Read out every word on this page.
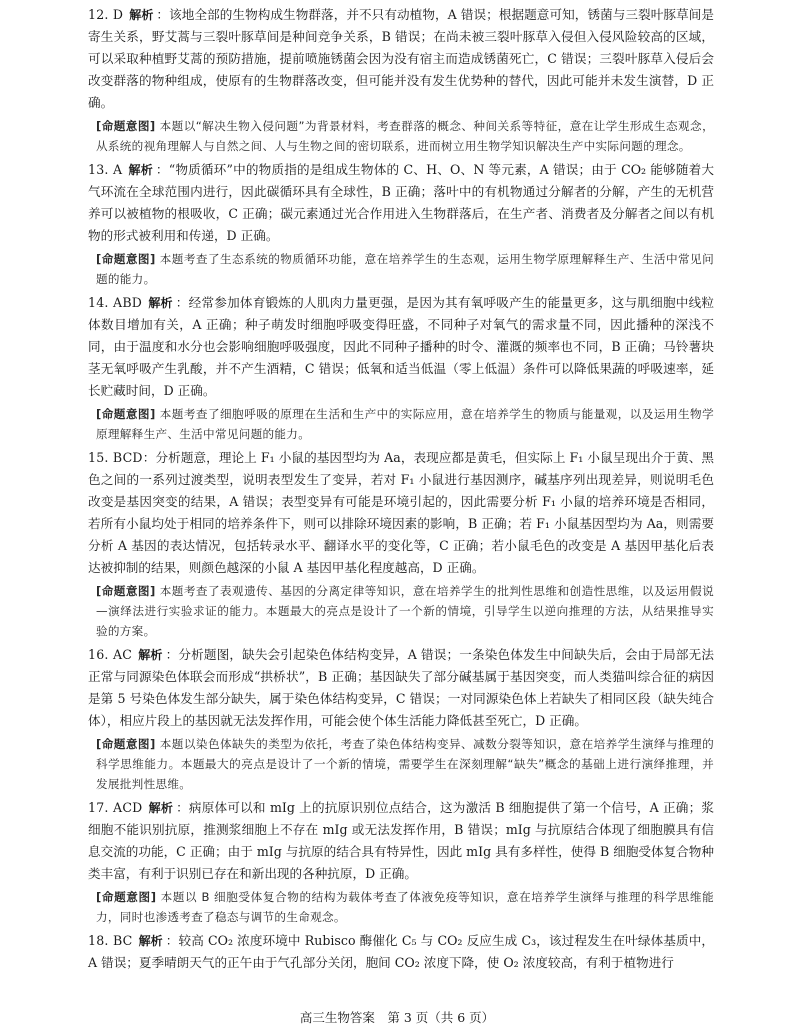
12. D 解析 ：该地全部的生物构成生物群落，并不只有动植物，A 错误；根据题意可知，锈菌与三裂叶豚草间是寄生关系，野艾蒿与三裂叶豚草间是种间竞争关系，B 错误；在尚未被三裂叶豚草入侵但入侵风险较高的区域，可以采取种植野艾蒿的预防措施，提前喷施锈菌会因为没有宿主而造成锈菌死亡，C 错误；三裂叶豚草入侵后会改变群落的物种组成，使原有的生物群落改变，但可能并没有发生优势种的替代，因此可能并未发生演替，D 正确。

[命题意图] 本题以“解决生物入侵问题”为背景材料，考查群落的概念、种间关系等特征，意在让学生形成生态观念，从系统的视角理解人与自然之间、人与生物之间的密切联系，进而树立用生物学知识解决生产中实际问题的理念。

13. A 解析 ：“物质循环”中的物质指的是组成生物体的 C、H、O、N 等元素，A 错误；由于 CO₂ 能够随着大气环流在全球范围内进行，因此碳循环具有全球性，B 正确；落叶中的有机物通过分解者的分解，产生的无机营养可以被植物的根吸收，C 正确；碳元素通过光合作用进入生物群落后，在生产者、消费者及分解者之间以有机物的形式被利用和传递，D 正确。

[命题意图] 本题考查了生态系统的物质循环功能，意在培养学生的生态观，运用生物学原理解释生产、生活中常见问题的能力。

14. ABD 解析 ：经常参加体育锻炼的人肌肉力量更强，是因为其有氧呼吸产生的能量更多，这与肌细胞中线粒体数目增加有关，A 正确；种子萌发时细胞呼吸变得旺盛，不同种子对氧气的需求量不同，因此播种的深浅不同，由于温度和水分也会影响细胞呼吸强度，因此不同种子播种的时令、灌溉的频率也不同，B 正确；马铃薯块茎无氧呼吸产生乳酸，并不产生酒精，C 错误；低氧和适当低温（零上低温）条件可以降低果蔬的呼吸速率，延长贮藏时间，D 正确。

[命题意图] 本题考查了细胞呼吸的原理在生活和生产中的实际应用，意在培养学生的物质与能量观，以及运用生物学原理解释生产、生活中常见问题的能力。

15. BCD：分析题意，理论上 F₁ 小鼠的基因型均为 Aa，表现应都是黄毛，但实际上 F₁ 小鼠呈现出介于黄、黑色之间的一系列过渡类型，说明表型发生了变异，若对 F₁ 小鼠进行基因测序，碱基序列出现差异，则说明毛色改变是基因突变的结果，A 错误；表型变异有可能是环境引起的，因此需要分析 F₁ 小鼠的培养环境是否相同，若所有小鼠均处于相同的培养条件下，则可以排除环境因素的影响，B 正确；若 F₁ 小鼠基因型均为 Aa，则需要分析 A 基因的表达情况，包括转录水平、翻译水平的变化等，C 正确；若小鼠毛色的改变是 A 基因甲基化后表达被抑制的结果，则颜色越深的小鼠 A 基因甲基化程度越高，D 正确。

[命题意图] 本题考查了表观遗传、基因的分离定律等知识，意在培养学生的批判性思维和创造性思维，以及运用假说—演绎法进行实验求证的能力。本题最大的亮点是设计了一个新的情境，引导学生以逆向推理的方法，从结果推导实验的方案。

16. AC 解析 ：分析题图，缺失会引起染色体结构变异，A 错误；一条染色体发生中间缺失后，会由于局部无法正常与同源染色体联会而形成“拱桥状”，B 正确；基因缺失了部分碱基属于基因突变，而人类猫叫综合征的病因是第 5 号染色体发生部分缺失，属于染色体结构变异，C 错误；一对同源染色体上若缺失了相同区段（缺失纯合体），相应片段上的基因就无法发挥作用，可能会使个体生活能力降低甚至死亡，D 正确。

[命题意图] 本题以染色体缺失的类型为依托，考查了染色体结构变异、减数分裂等知识，意在培养学生演绎与推理的科学思维能力。本题最大的亮点是设计了一个新的情境，需要学生在深刻理解“缺失”概念的基础上进行演绎推理，并发展批判性思维。

17. ACD 解析 ：病原体可以和 mIg 上的抗原识别位点结合，这为激活 B 细胞提供了第一个信号，A 正确；浆细胞不能识别抗原，推测浆细胞上不存在 mIg 或无法发挥作用，B 错误；mIg 与抗原结合体现了细胞膜具有信息交流的功能，C 正确；由于 mIg 与抗原的结合具有特异性，因此 mIg 具有多样性，使得 B 细胞受体复合物种类丰富，有利于识别已存在和新出现的各种抗原，D 正确。

[命题意图] 本题以 B 细胞受体复合物的结构为载体考查了体液免疫等知识，意在培养学生演绎与推理的科学思维能力，同时也渗透考查了稳态与调节的生命观念。

18. BC 解析 ：较高 CO₂ 浓度环境中 Rubisco 酶催化 C₅ 与 CO₂ 反应生成 C₃，该过程发生在叶绿体基质中，A 错误；夏季晴朗天气的正午由于气孔部分关闭，胞间 CO₂ 浓度下降，使 O₂ 浓度较高，有利于植物进行

高三生物答案　第 3 页（共 6 页）
